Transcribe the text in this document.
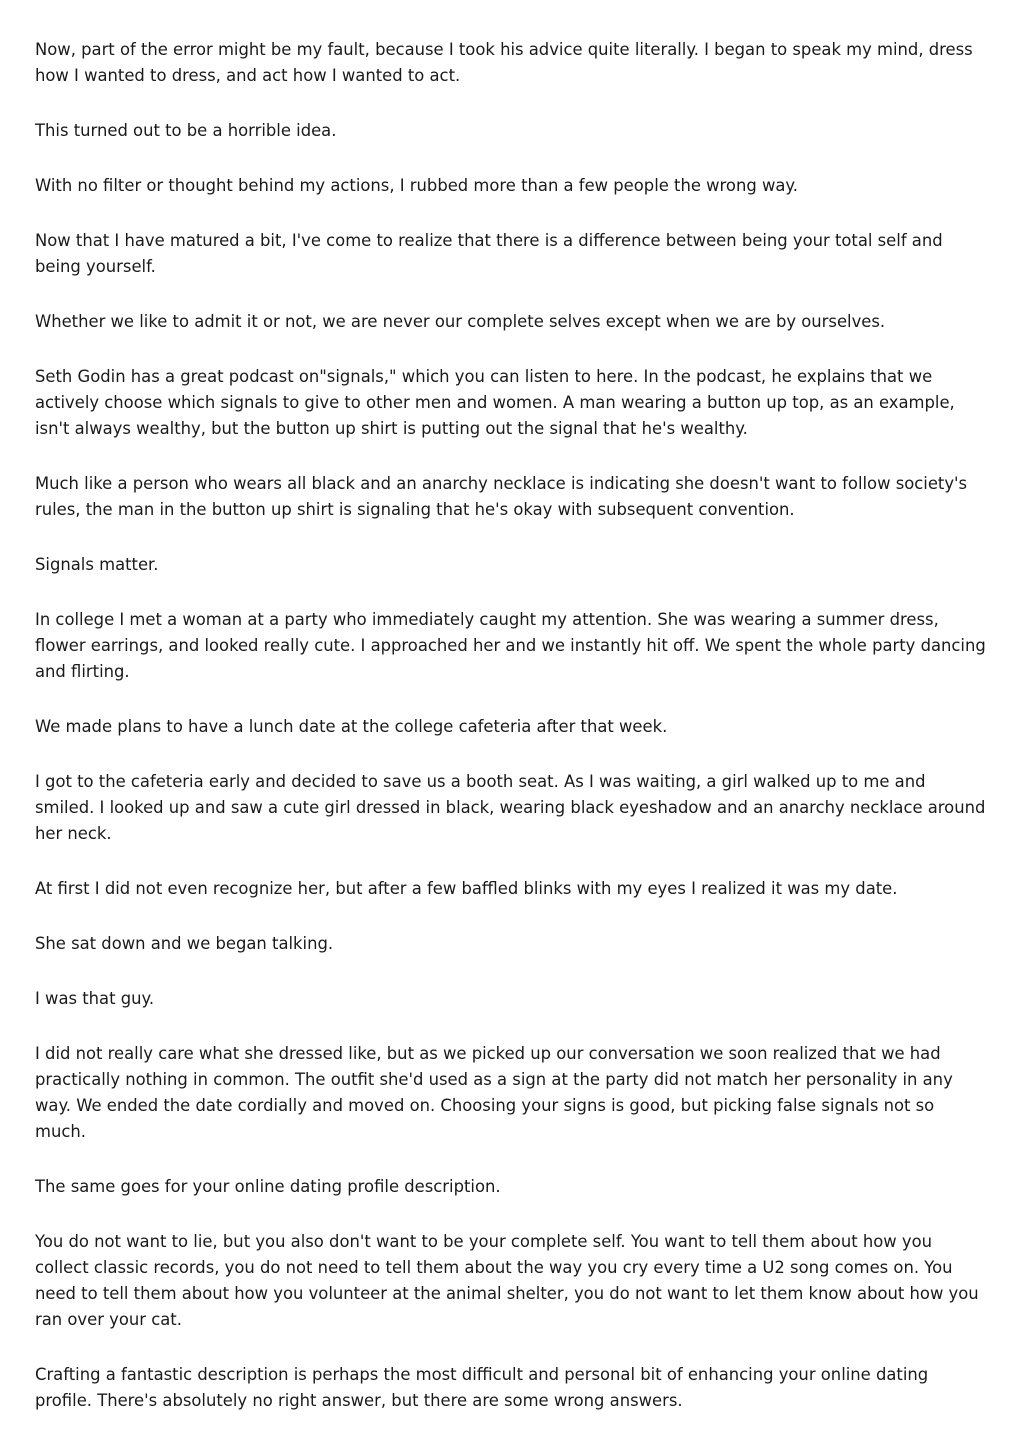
Now, part of the error might be my fault, because I took his advice quite literally. I began to speak my mind, dress how I wanted to dress, and act how I wanted to act.

This turned out to be a horrible idea.

With no filter or thought behind my actions, I rubbed more than a few people the wrong way.

Now that I have matured a bit, I've come to realize that there is a difference between being your total self and being yourself.

Whether we like to admit it or not, we are never our complete selves except when we are by ourselves.

Seth Godin has a great podcast on"signals," which you can listen to here. In the podcast, he explains that we actively choose which signals to give to other men and women. A man wearing a button up top, as an example, isn't always wealthy, but the button up shirt is putting out the signal that he's wealthy.

Much like a person who wears all black and an anarchy necklace is indicating she doesn't want to follow society's rules, the man in the button up shirt is signaling that he's okay with subsequent convention.

Signals matter.

In college I met a woman at a party who immediately caught my attention. She was wearing a summer dress, flower earrings, and looked really cute. I approached her and we instantly hit off. We spent the whole party dancing and flirting.

We made plans to have a lunch date at the college cafeteria after that week.

I got to the cafeteria early and decided to save us a booth seat. As I was waiting, a girl walked up to me and smiled. I looked up and saw a cute girl dressed in black, wearing black eyeshadow and an anarchy necklace around her neck.

At first I did not even recognize her, but after a few baffled blinks with my eyes I realized it was my date.

She sat down and we began talking.

I was that guy.

I did not really care what she dressed like, but as we picked up our conversation we soon realized that we had practically nothing in common. The outfit she'd used as a sign at the party did not match her personality in any way. We ended the date cordially and moved on. Choosing your signs is good, but picking false signals not so much.

The same goes for your online dating profile description.

You do not want to lie, but you also don't want to be your complete self. You want to tell them about how you collect classic records, you do not need to tell them about the way you cry every time a U2 song comes on. You need to tell them about how you volunteer at the animal shelter, you do not want to let them know about how you ran over your cat.

Crafting a fantastic description is perhaps the most difficult and personal bit of enhancing your online dating profile. There's absolutely no right answer, but there are some wrong answers.
